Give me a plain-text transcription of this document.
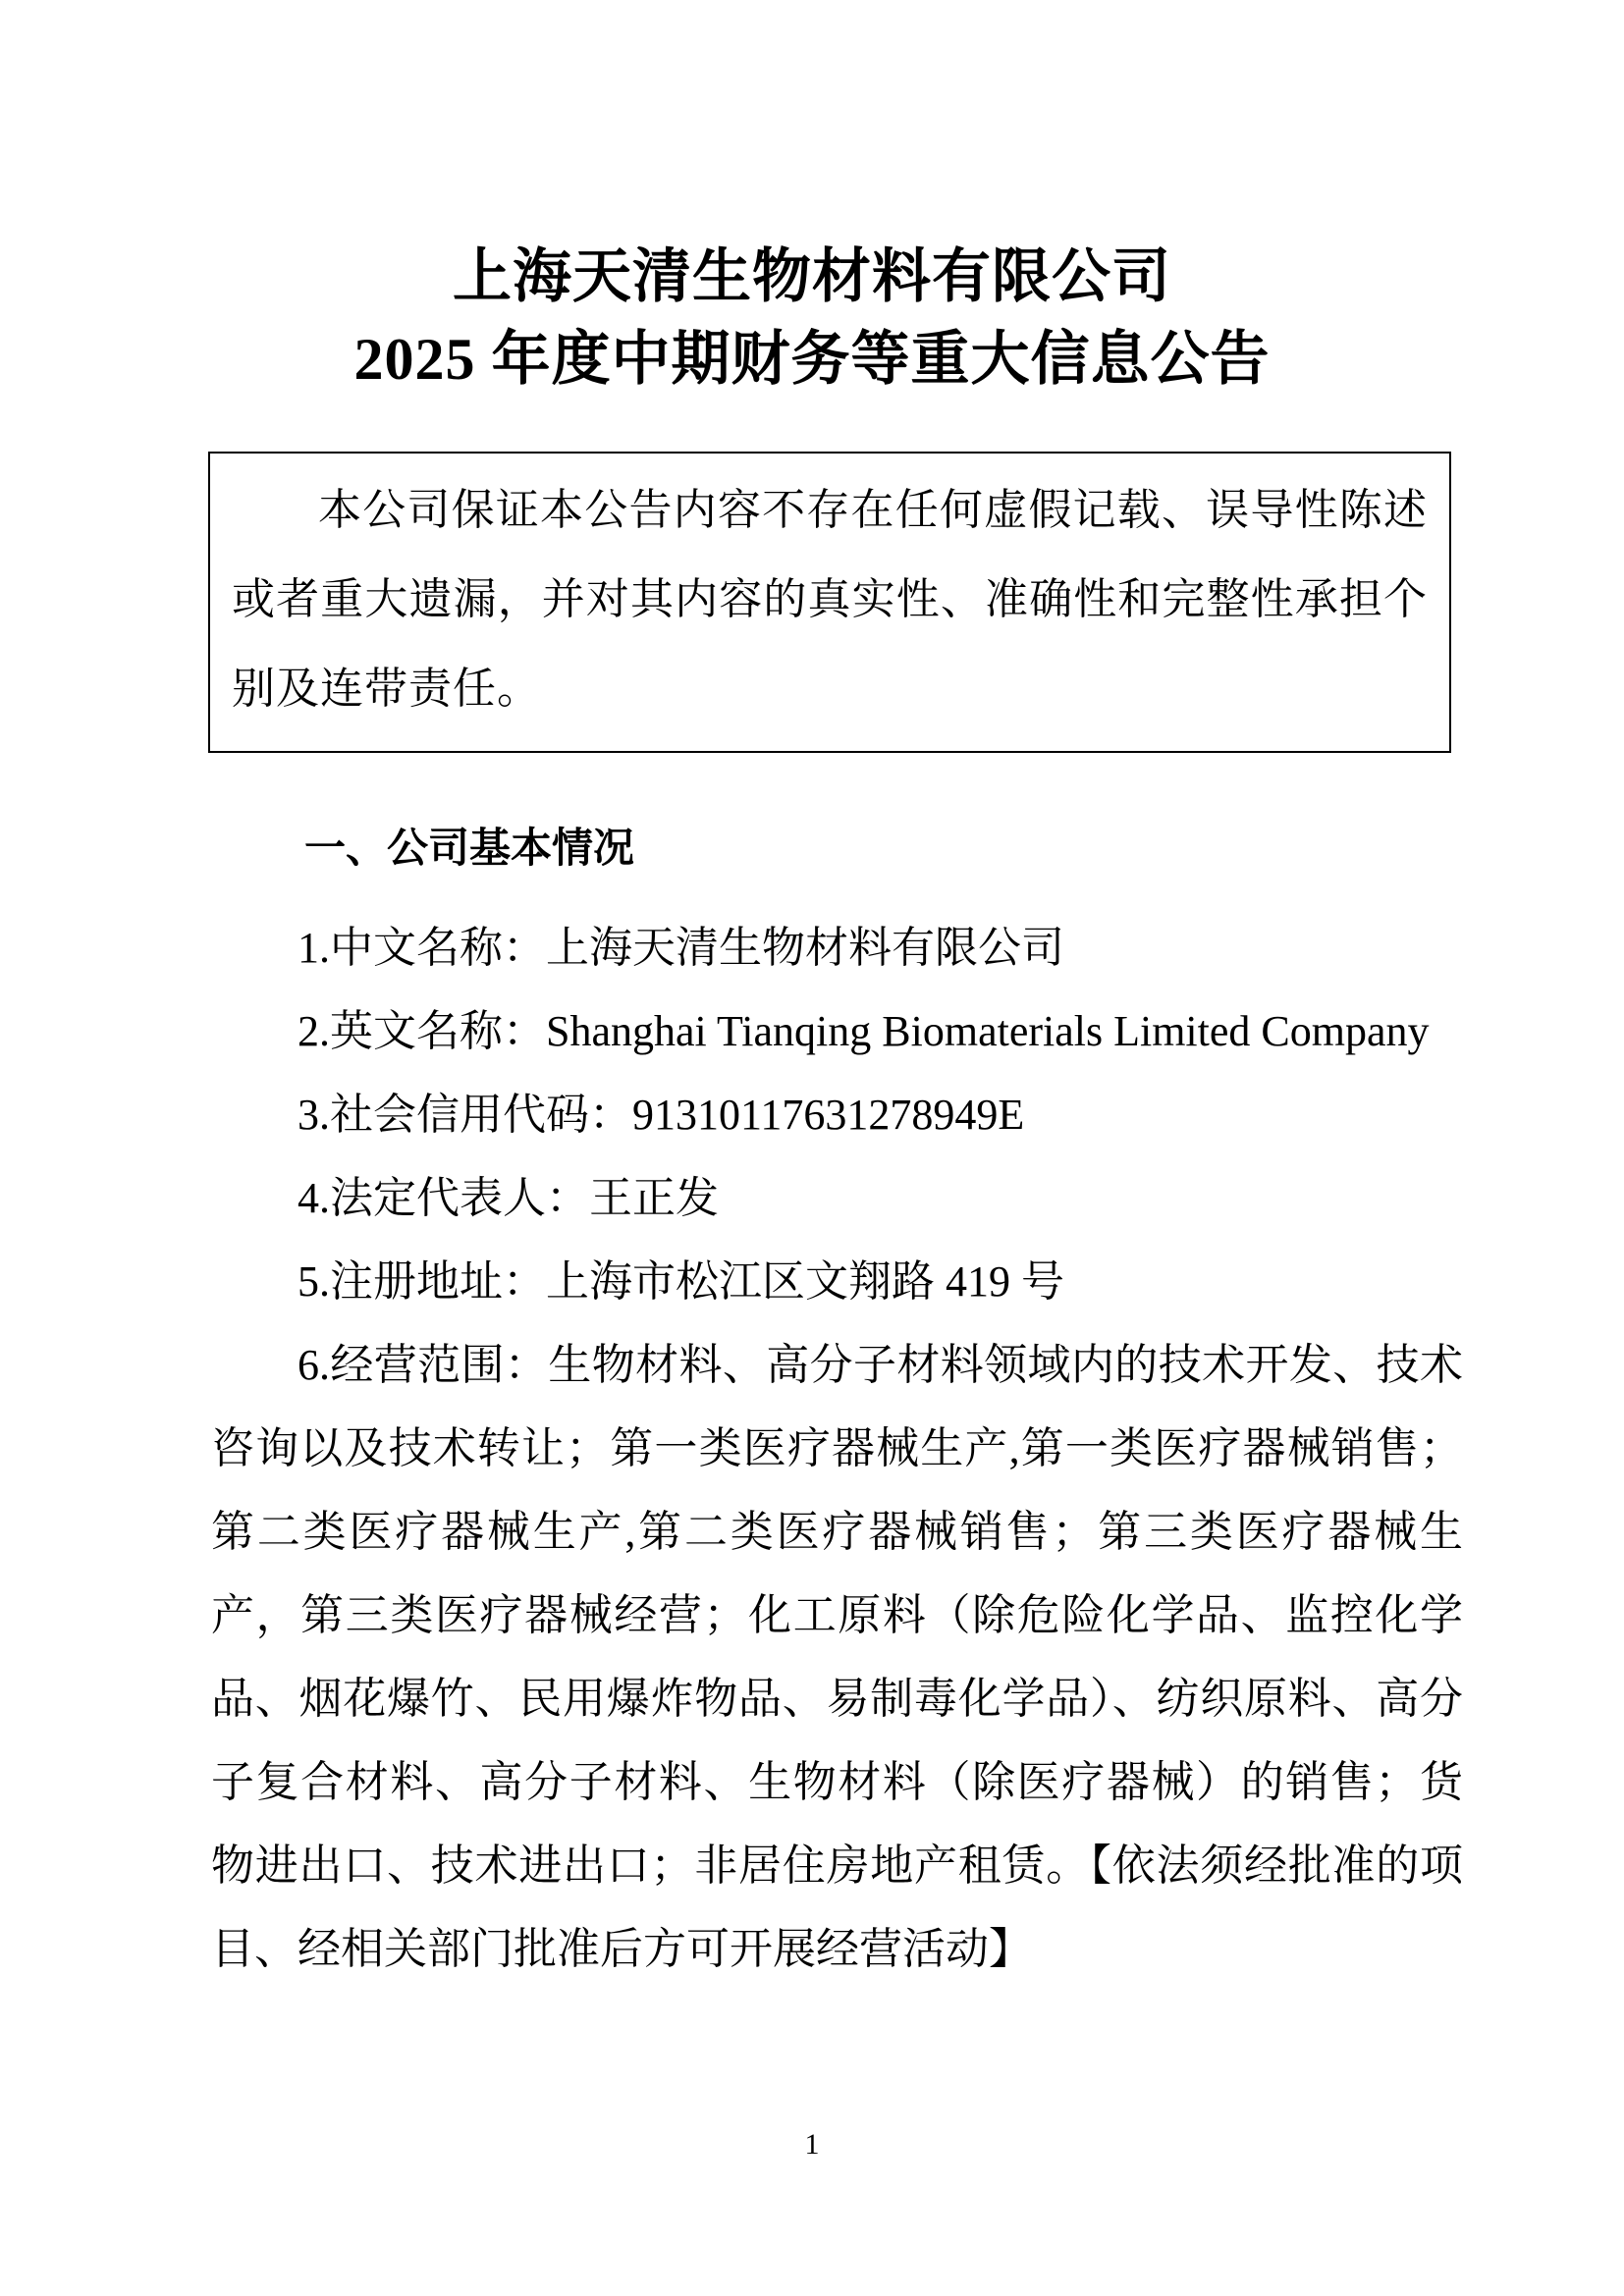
上海天清生物材料有限公司
2025 年度中期财务等重大信息公告

本公司保证本公告内容不存在任何虚假记载、误导性陈述或者重大遗漏，并对其内容的真实性、准确性和完整性承担个别及连带责任。

一、公司基本情况

1.中文名称：上海天清生物材料有限公司

2.英文名称：Shanghai Tianqing Biomaterials Limited Company

3.社会信用代码：91310117631278949E

4.法定代表人：王正发

5.注册地址：上海市松江区文翔路 419 号

6.经营范围：生物材料、高分子材料领域内的技术开发、技术咨询以及技术转让；第一类医疗器械生产,第一类医疗器械销售；第二类医疗器械生产,第二类医疗器械销售；第三类医疗器械生产，第三类医疗器械经营；化工原料（除危险化学品、监控化学品、烟花爆竹、民用爆炸物品、易制毒化学品）、纺织原料、高分子复合材料、高分子材料、生物材料（除医疗器械）的销售；货物进出口、技术进出口；非居住房地产租赁。【依法须经批准的项目、经相关部门批准后方可开展经营活动】

1
